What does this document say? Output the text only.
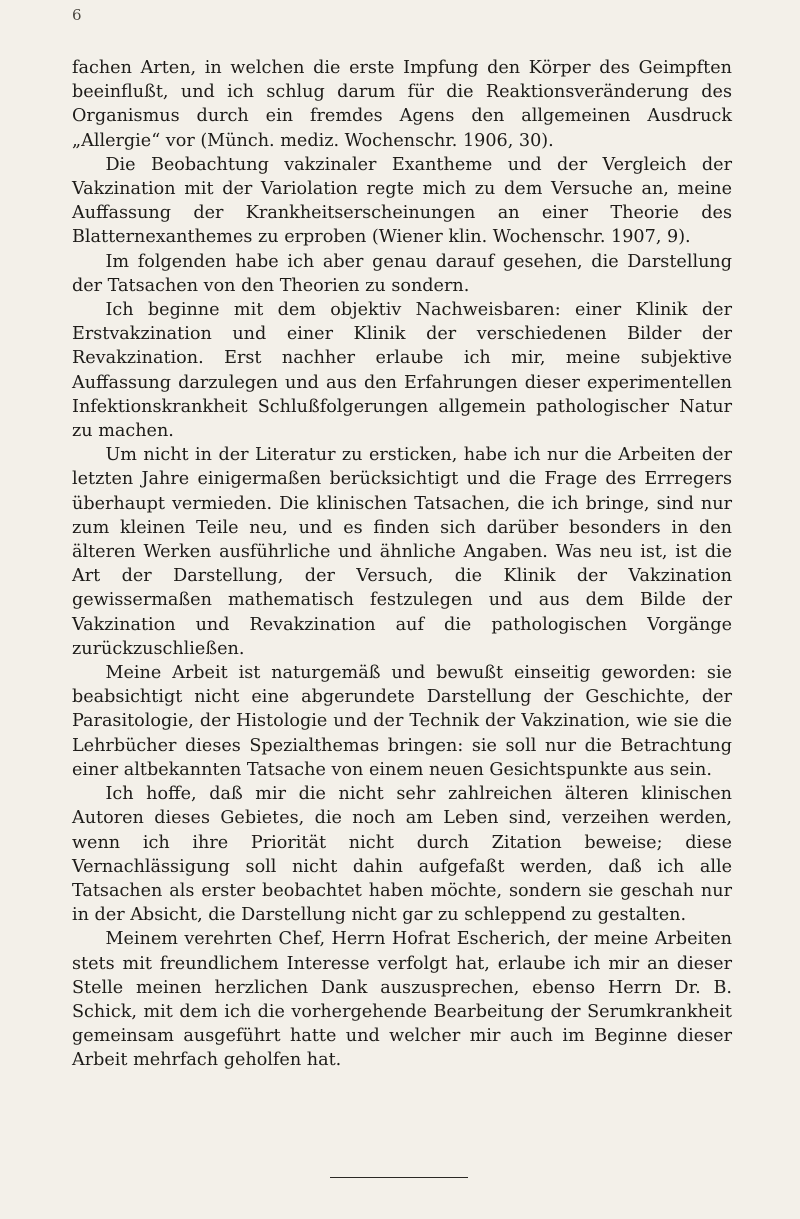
6

fachen Arten, in welchen die erste Impfung den Körper des Geimpften beeinflußt, und ich schlug darum für die Reaktionsveränderung des Organismus durch ein fremdes Agens den allgemeinen Ausdruck „Allergie“ vor (Münch. mediz. Wochenschr. 1906, 30).

Die Beobachtung vakzinaler Exantheme und der Vergleich der Vakzination mit der Variolation regte mich zu dem Versuche an, meine Auffassung der Krankheitserscheinungen an einer Theorie des Blatternexanthemes zu erproben (Wiener klin. Wochenschr. 1907, 9).

Im folgenden habe ich aber genau darauf gesehen, die Darstellung der Tatsachen von den Theorien zu sondern.

Ich beginne mit dem objektiv Nachweisbaren: einer Klinik der Erstvakzination und einer Klinik der verschiedenen Bilder der Revakzination. Erst nachher erlaube ich mir, meine subjektive Auffassung darzulegen und aus den Erfahrungen dieser experimentellen Infektionskrankheit Schlußfolgerungen allgemein pathologischer Natur zu machen.

Um nicht in der Literatur zu ersticken, habe ich nur die Arbeiten der letzten Jahre einigermaßen berücksichtigt und die Frage des Errregers überhaupt vermieden. Die klinischen Tatsachen, die ich bringe, sind nur zum kleinen Teile neu, und es finden sich darüber besonders in den älteren Werken ausführliche und ähnliche Angaben. Was neu ist, ist die Art der Darstellung, der Versuch, die Klinik der Vakzination gewissermaßen mathematisch festzulegen und aus dem Bilde der Vakzination und Revakzination auf die pathologischen Vorgänge zurückzuschließen.

Meine Arbeit ist naturgemäß und bewußt einseitig geworden: sie beabsichtigt nicht eine abgerundete Darstellung der Geschichte, der Parasitologie, der Histologie und der Technik der Vakzination, wie sie die Lehrbücher dieses Spezialthemas bringen: sie soll nur die Betrachtung einer altbekannten Tatsache von einem neuen Gesichtspunkte aus sein.

Ich hoffe, daß mir die nicht sehr zahlreichen älteren klinischen Autoren dieses Gebietes, die noch am Leben sind, verzeihen werden, wenn ich ihre Priorität nicht durch Zitation beweise; diese Vernachlässigung soll nicht dahin aufgefaßt werden, daß ich alle Tatsachen als erster beobachtet haben möchte, sondern sie geschah nur in der Absicht, die Darstellung nicht gar zu schleppend zu gestalten.

Meinem verehrten Chef, Herrn Hofrat Escherich, der meine Arbeiten stets mit freundlichem Interesse verfolgt hat, erlaube ich mir an dieser Stelle meinen herzlichen Dank auszusprechen, ebenso Herrn Dr. B. Schick, mit dem ich die vorhergehende Bearbeitung der Serumkrankheit gemeinsam ausgeführt hatte und welcher mir auch im Beginne dieser Arbeit mehrfach geholfen hat.
